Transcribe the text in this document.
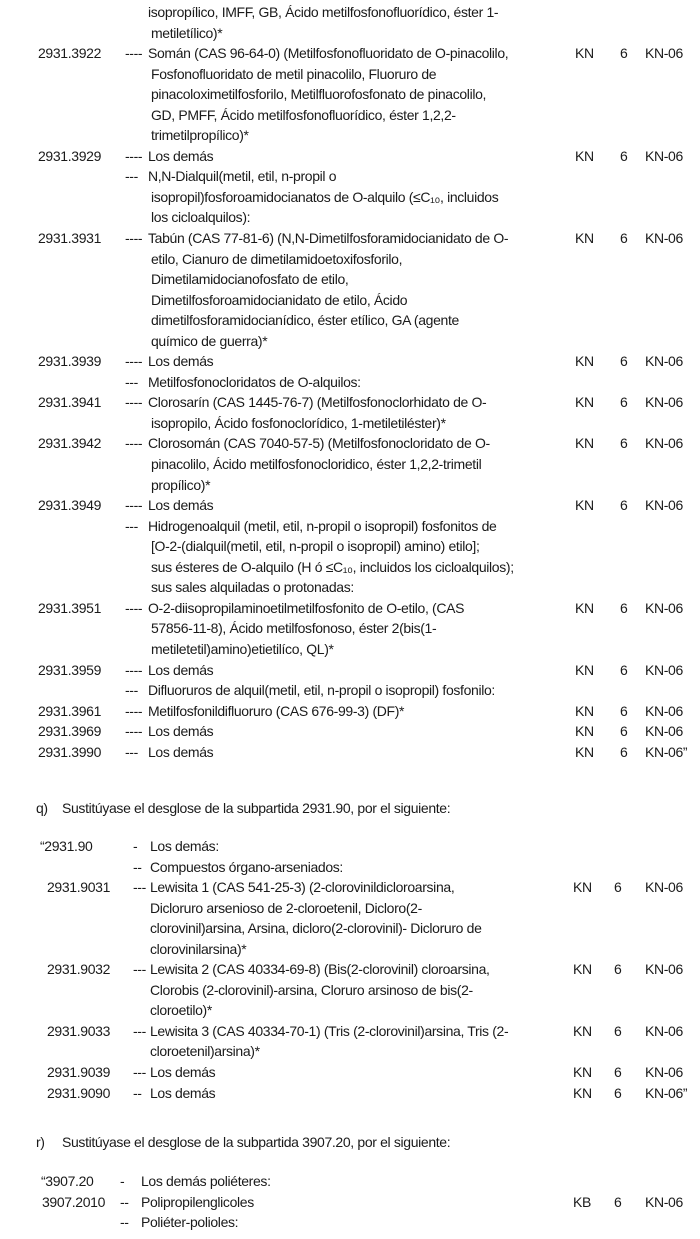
isopropílico, IMFF, GB, Ácido metilfosfonofluorídico, éster 1-
metiletílico)*
2931.3922 ---- Somán (CAS 96-64-0) (Metilfosfonofluoridato de O-pinacolilo,	KN 6 KN-06
Fosfonofluoridato de metil pinacolilo, Fluoruro de
pinacoloximetilfosforilo, Metilfluorofosfonato de pinacolilo,
GD, PMFF, Ácido metilfosfonofluorídico, éster 1,2,2-
trimetilpropílico)*
2931.3929 ---- Los demás	KN 6 KN-06
--- N,N-Dialquil(metil, etil, n-propil o
isopropil)fosforoamidocianatos de O-alquilo (≤C₁₀, incluidos
los cicloalquilos):
2931.3931 ---- Tabún (CAS 77-81-6) (N,N-Dimetilfosforamidocianidato de O-	KN 6 KN-06
etilo, Cianuro de dimetilamidoetoxifosforilo,
Dimetilamidocianofosfato de etilo,
Dimetilfosforoamidocianidato de etilo, Ácido
dimetilfosforamidocianídico, éster etílico, GA (agente
químico de guerra)*
2931.3939 ---- Los demás	KN 6 KN-06
--- Metilfosfonocloridatos de O-alquilos:
2931.3941 ---- Clorosarín (CAS 1445-76-7) (Metilfosfonoclorhidato de O-	KN 6 KN-06
isopropilo, Ácido fosfonoclorídico, 1-metiletiléster)*
2931.3942 ---- Clorosomán (CAS 7040-57-5) (Metilfosfonocloridato de O-	KN 6 KN-06
pinacolilo, Ácido metilfosfonocloridico, éster 1,2,2-trimetil
propílico)*
2931.3949 ---- Los demás	KN 6 KN-06
--- Hidrogenoalquil (metil, etil, n-propil o isopropil) fosfonitos de
[O-2-(dialquil(metil, etil, n-propil o isopropil) amino) etilo];
sus ésteres de O-alquilo (H ó ≤C₁₀, incluidos los cicloalquilos);
sus sales alquiladas o protonadas:
2931.3951 ---- O-2-diisopropilaminoetilmetilfosfonito de O-etilo, (CAS	KN 6 KN-06
57856-11-8), Ácido metilfosfonoso, éster 2(bis(1-
metiletetil)amino)etietilíco, QL)*
2931.3959 ---- Los demás	KN 6 KN-06
--- Difluoruros de alquil(metil, etil, n-propil o isopropil) fosfonilo:
2931.3961 ---- Metilfosfonildifluoruro (CAS 676-99-3) (DF)*	KN 6 KN-06
2931.3969 ---- Los demás	KN 6 KN-06
2931.3990 --- Los demás	KN 6 KN-06”
q) Sustitúyase el desglose de la subpartida 2931.90, por el siguiente:
“2931.90	- Los demás:
-- Compuestos órgano-arseniados:
2931.9031 --- Lewisita 1 (CAS 541-25-3) (2-clorovinildicloroarsina,	KN 6 KN-06
Dicloruro arsenioso de 2-cloroetenil, Dicloro(2-
clorovinil)arsina, Arsina, dicloro(2-clorovinil)- Dicloruro de
clorovinilarsina)*
2931.9032 --- Lewisita 2 (CAS 40334-69-8) (Bis(2-clorovinil) cloroarsina,	KN 6 KN-06
Clorobis (2-clorovinil)-arsina, Cloruro arsinoso de bis(2-
cloroetilo)*
2931.9033 --- Lewisita 3 (CAS 40334-70-1) (Tris (2-clorovinil)arsina, Tris (2-	KN 6 KN-06
cloroetenil)arsina)*
2931.9039 --- Los demás	KN 6 KN-06
2931.9090 -- Los demás	KN 6 KN-06”
r) Sustitúyase el desglose de la subpartida 3907.20, por el siguiente:
“3907.20 - Los demás poliéteres:
3907.2010 -- Polipropilenglicoles	KB 6 KN-06
-- Poliéter-polioles:
